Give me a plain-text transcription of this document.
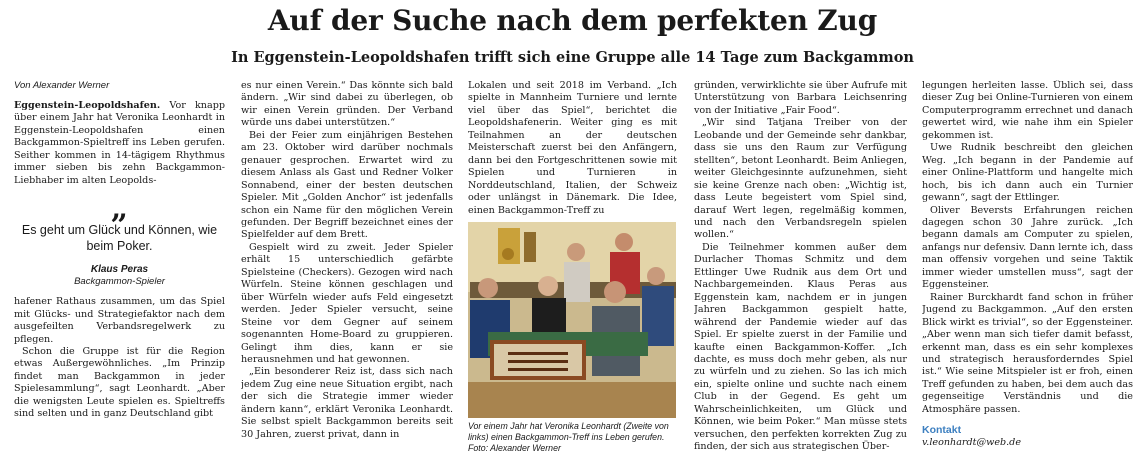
Auf der Suche nach dem perfekten Zug
In Eggenstein-Leopoldshafen trifft sich eine Gruppe alle 14 Tage zum Backgammon
Von Alexander Werner

Eggenstein-Leopoldshafen. Vor knapp über einem Jahr hat Veronika Leonhardt in Eggenstein-Leopoldshafen einen Backgammon-Spieltreff ins Leben gerufen. Seither kommen in 14-tägigem Rhythmus immer sieben bis zehn Backgammon-Liebhaber im alten Leopolds-

„
Es geht um Glück und Können, wie beim Poker.
Klaus Peras
Backgammon-Spieler

hafener Rathaus zusammen, um das Spiel mit Glücks- und Strategiefaktor nach dem ausgefeilten Verbandsregelwerk zu pflegen.

Schon die Gruppe ist für die Region etwas Außergewöhnliches. „Im Prinzip findet man Backgammon in jeder Spielesammlung“, sagt Leonhardt. „Aber die wenigsten Leute spielen es. Spieltreffs sind selten und in ganz Deutschland gibt

es nur einen Verein.“ Das könnte sich bald ändern. „Wir sind dabei zu überlegen, ob wir einen Verein gründen. Der Verband würde uns dabei unterstützen.“

Bei der Feier zum einjährigen Bestehen am 23. Oktober wird darüber nochmals genauer gesprochen. Erwartet wird zu diesem Anlass als Gast und Redner Volker Sonnabend, einer der besten deutschen Spieler. Mit „Golden Anchor“ ist jedenfalls schon ein Name für den möglichen Verein gefunden. Der Begriff bezeichnet eines der Spielfelder auf dem Brett.

Gespielt wird zu zweit. Jeder Spieler erhält 15 unterschiedlich gefärbte Spielsteine (Checkers). Gezogen wird nach Würfeln. Steine können geschlagen und über Würfeln wieder aufs Feld eingesetzt werden. Jeder Spieler versucht, seine Steine vor dem Gegner auf seinem sogenannten Home-Board zu gruppieren. Gelingt ihm dies, kann er sie herausnehmen und hat gewonnen.

„Ein besonderer Reiz ist, dass sich nach jedem Zug eine neue Situation ergibt, nach der sich die Strategie immer wieder ändern kann“, erklärt Veronika Leonhardt. Sie selbst spielt Backgammon bereits seit 30 Jahren, zuerst privat, dann in

Lokalen und seit 2018 im Verband. „Ich spielte in Mannheim Turniere und lernte viel über das Spiel“, berichtet die Leopoldshafenerin. Weiter ging es mit Teilnahmen an der deutschen Meisterschaft zuerst bei den Anfängern, dann bei den Fortgeschrittenen sowie mit Spielen und Turnieren in Norddeutschland, Italien, der Schweiz oder unlängst in Dänemark. Die Idee, einen Backgammon-Treff zu

Vor einem Jahr hat Veronika Leonhardt (Zweite von links) einen Backgammon-Treff ins Leben gerufen. Foto: Alexander Werner

gründen, verwirklichte sie über Aufrufe mit Unterstützung von Barbara Leichsenring von der Initiative „Fair Food“.

„Wir sind Tatjana Treiber von der Leobande und der Gemeinde sehr dankbar, dass sie uns den Raum zur Verfügung stellten“, betont Leonhardt. Beim Anliegen, weiter Gleichgesinnte aufzunehmen, sieht sie keine Grenze nach oben: „Wichtig ist, dass Leute begeistert vom Spiel sind, darauf Wert legen, regelmäßig kommen, und nach den Verbandsregeln spielen wollen.“

Die Teilnehmer kommen außer dem Durlacher Thomas Schmitz und dem Ettlinger Uwe Rudnik aus dem Ort und Nachbargemeinden. Klaus Peras aus Eggenstein kam, nachdem er in jungen Jahren Backgammon gespielt hatte, während der Pandemie wieder auf das Spiel. Er spielte zuerst in der Familie und kaufte einen Backgammon-Koffer. „Ich dachte, es muss doch mehr geben, als nur zu würfeln und zu ziehen. So las ich mich ein, spielte online und suchte nach einem Club in der Gegend. Es geht um Wahrscheinlichkeiten, um Glück und Können, wie beim Poker.“ Man müsse stets versuchen, den perfekten korrekten Zug zu finden, der sich aus strategischen Über-

legungen herleiten lasse. Üblich sei, dass dieser Zug bei Online-Turnieren von einem Computerprogramm errechnet und danach gewertet wird, wie nahe ihm ein Spieler gekommen ist.

Uwe Rudnik beschreibt den gleichen Weg. „Ich begann in der Pandemie auf einer Online-Plattform und hangelte mich hoch, bis ich dann auch ein Turnier gewann“, sagt der Ettlinger.

Oliver Beversts Erfahrungen reichen dagegen schon 30 Jahre zurück. „Ich begann damals am Computer zu spielen, anfangs nur defensiv. Dann lernte ich, dass man offensiv vorgehen und seine Taktik immer wieder umstellen muss“, sagt der Eggensteiner.

Rainer Burckhardt fand schon in früher Jugend zu Backgammon. „Auf den ersten Blick wirkt es trivial“, so der Eggensteiner. „Aber wenn man sich tiefer damit befasst, erkennt man, dass es ein sehr komplexes und strategisch herausforderndes Spiel ist.“ Wie seine Mitspieler ist er froh, einen Treff gefunden zu haben, bei dem auch das gegenseitige Verständnis und die Atmosphäre passen.

Kontakt
v.leonhardt@web.de
